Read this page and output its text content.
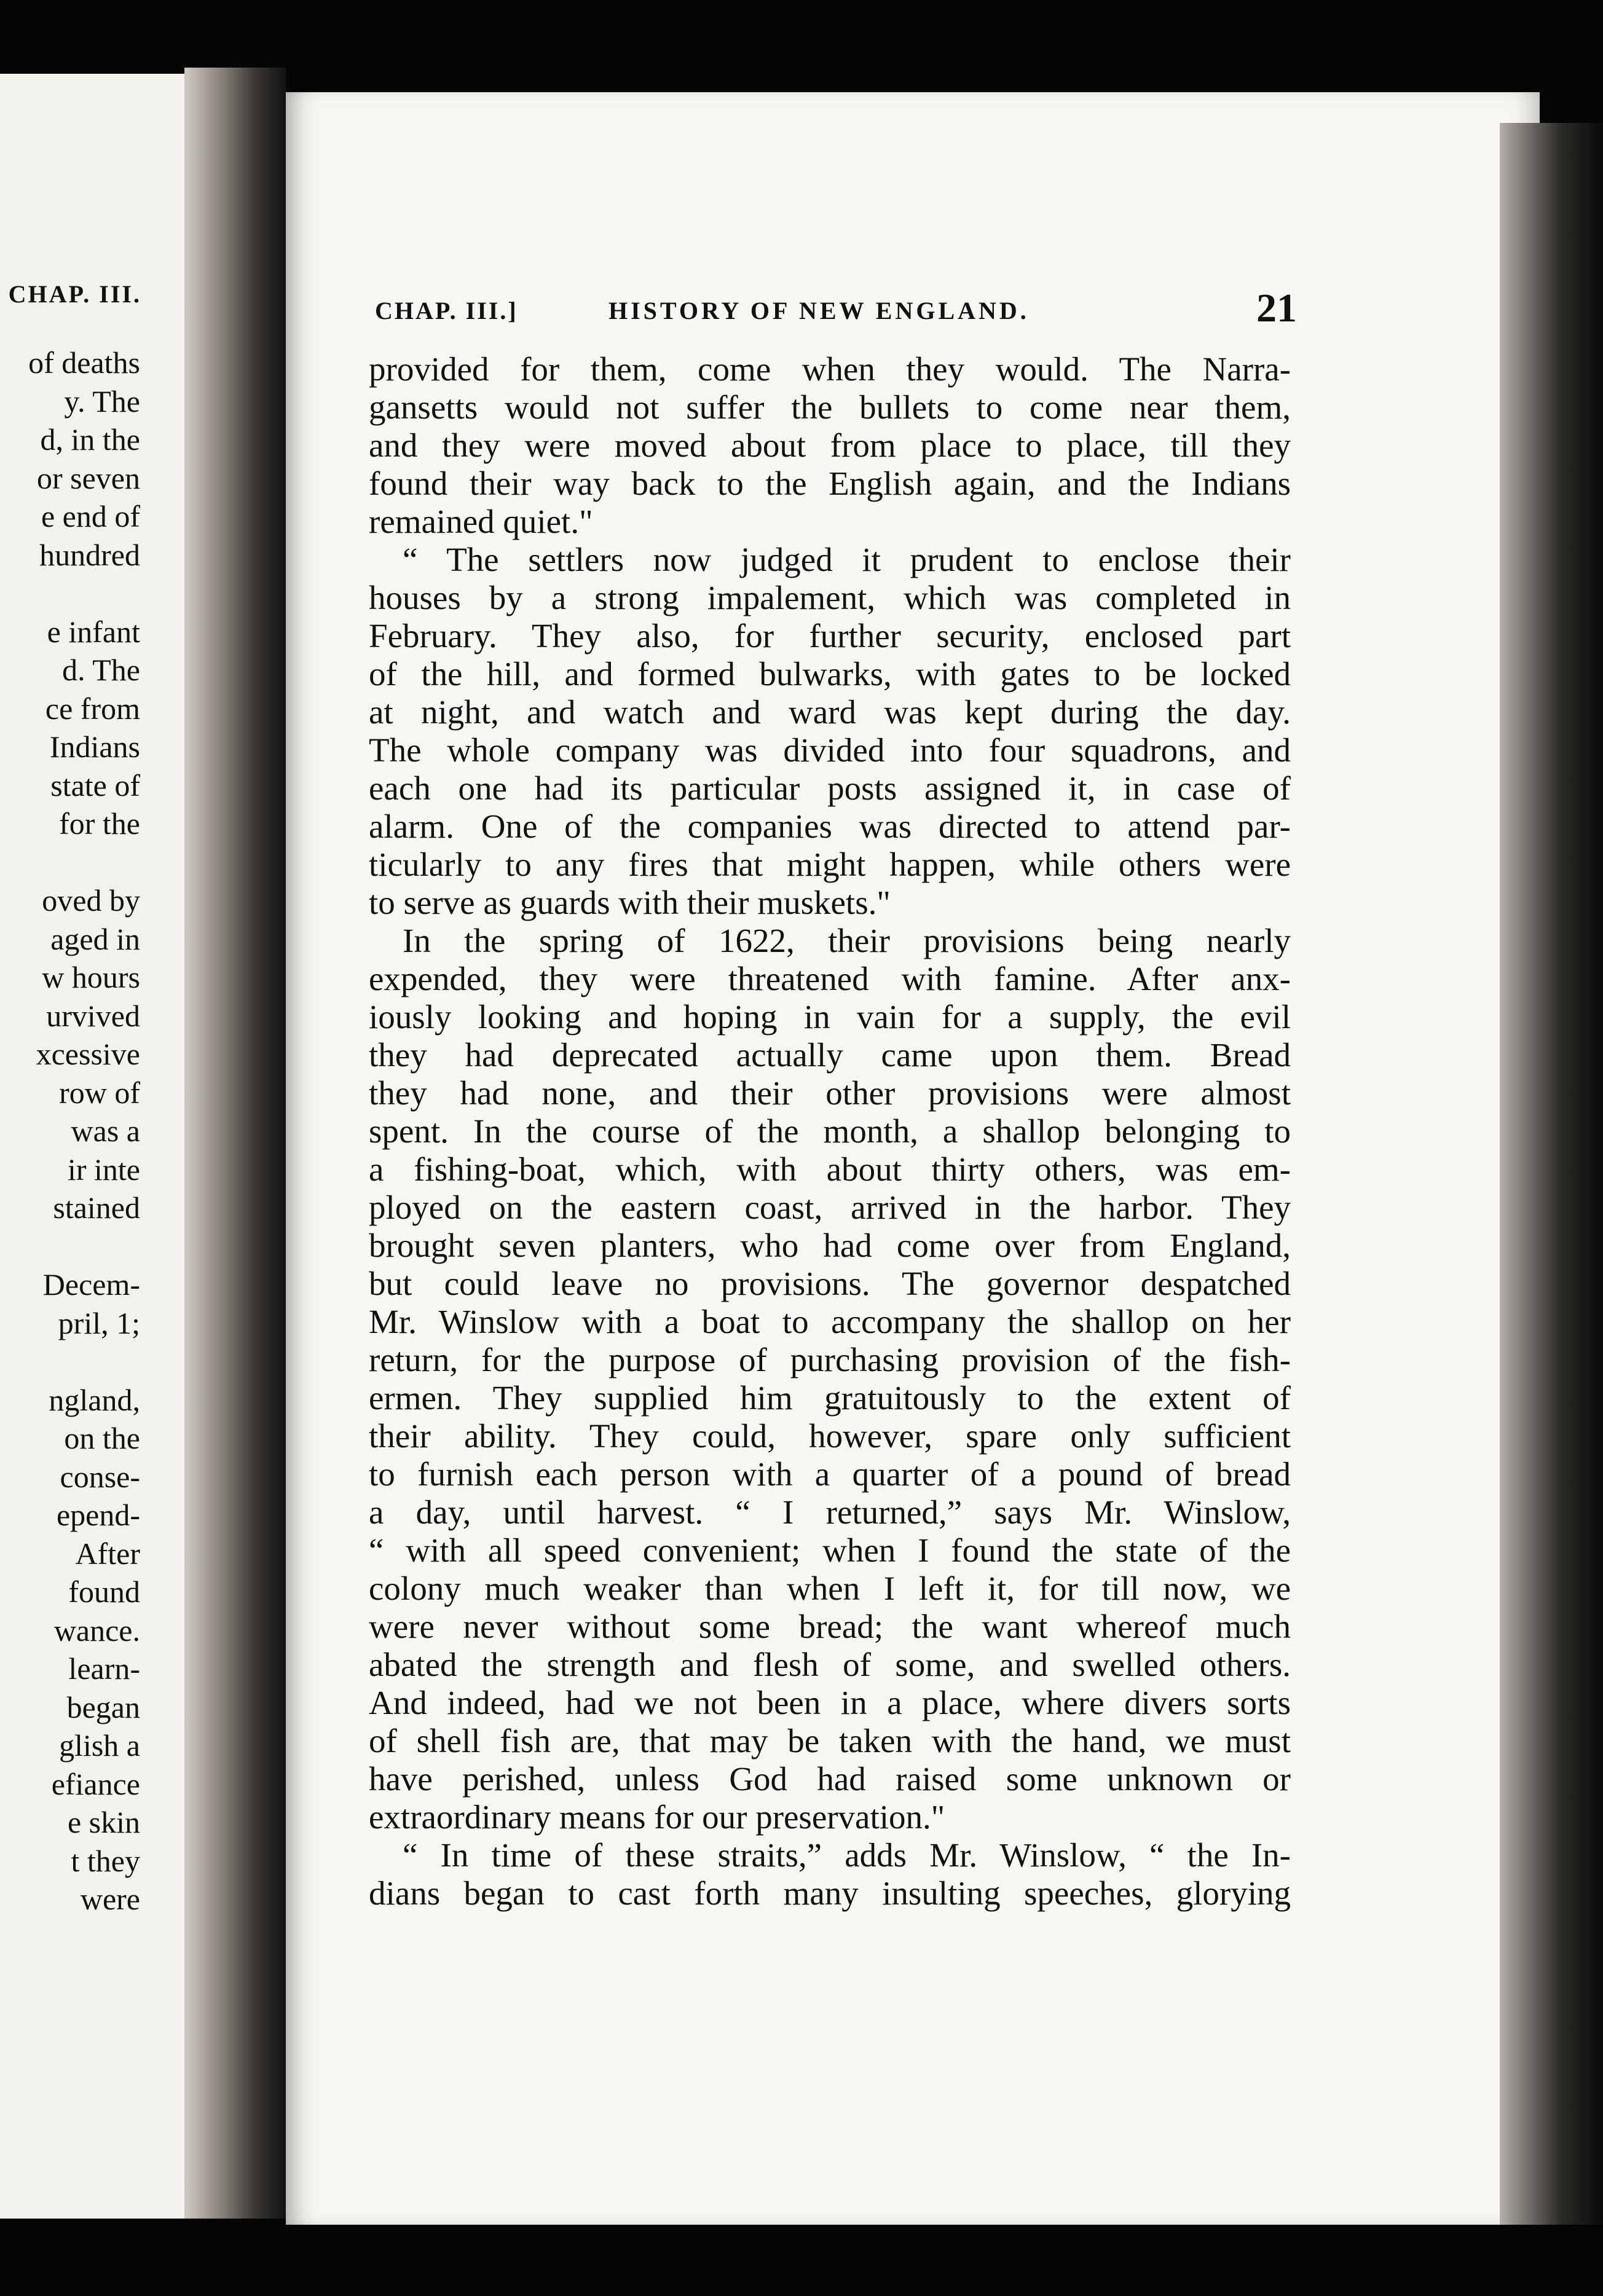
CHAP. III.
of deaths
y. The
d, in the
or seven
e end of
hundred
e infant
d. The
ce from
Indians
state of
for the
oved by
aged in
w hours
urvived
xcessive
row of
was a
ir inte
stained
Decem-
pril, 1;
ngland,
on the
conse-
epend-
After
found
wance.
learn-
began
glish a
efiance
e skin
t they
were
CHAP. III.]	HISTORY OF NEW ENGLAND.	21
provided for them, come when they would. The Narra-
gansetts would not suffer the bullets to come near them,
and they were moved about from place to place, till they
found their way back to the English again, and the Indians
remained quiet."
“ The settlers now judged it prudent to enclose their
houses by a strong impalement, which was completed in
February. They also, for further security, enclosed part
of the hill, and formed bulwarks, with gates to be locked
at night, and watch and ward was kept during the day.
The whole company was divided into four squadrons, and
each one had its particular posts assigned it, in case of
alarm. One of the companies was directed to attend par-
ticularly to any fires that might happen, while others were
to serve as guards with their muskets."
In the spring of 1622, their provisions being nearly
expended, they were threatened with famine. After anx-
iously looking and hoping in vain for a supply, the evil
they had deprecated actually came upon them. Bread
they had none, and their other provisions were almost
spent. In the course of the month, a shallop belonging to
a fishing-boat, which, with about thirty others, was em-
ployed on the eastern coast, arrived in the harbor. They
brought seven planters, who had come over from England,
but could leave no provisions. The governor despatched
Mr. Winslow with a boat to accompany the shallop on her
return, for the purpose of purchasing provision of the fish-
ermen. They supplied him gratuitously to the extent of
their ability. They could, however, spare only sufficient
to furnish each person with a quarter of a pound of bread
a day, until harvest. “ I returned,” says Mr. Winslow,
“ with all speed convenient; when I found the state of the
colony much weaker than when I left it, for till now, we
were never without some bread; the want whereof much
abated the strength and flesh of some, and swelled others.
And indeed, had we not been in a place, where divers sorts
of shell fish are, that may be taken with the hand, we must
have perished, unless God had raised some unknown or
extraordinary means for our preservation."
“ In time of these straits,” adds Mr. Winslow, “ the In-
dians began to cast forth many insulting speeches, glorying
